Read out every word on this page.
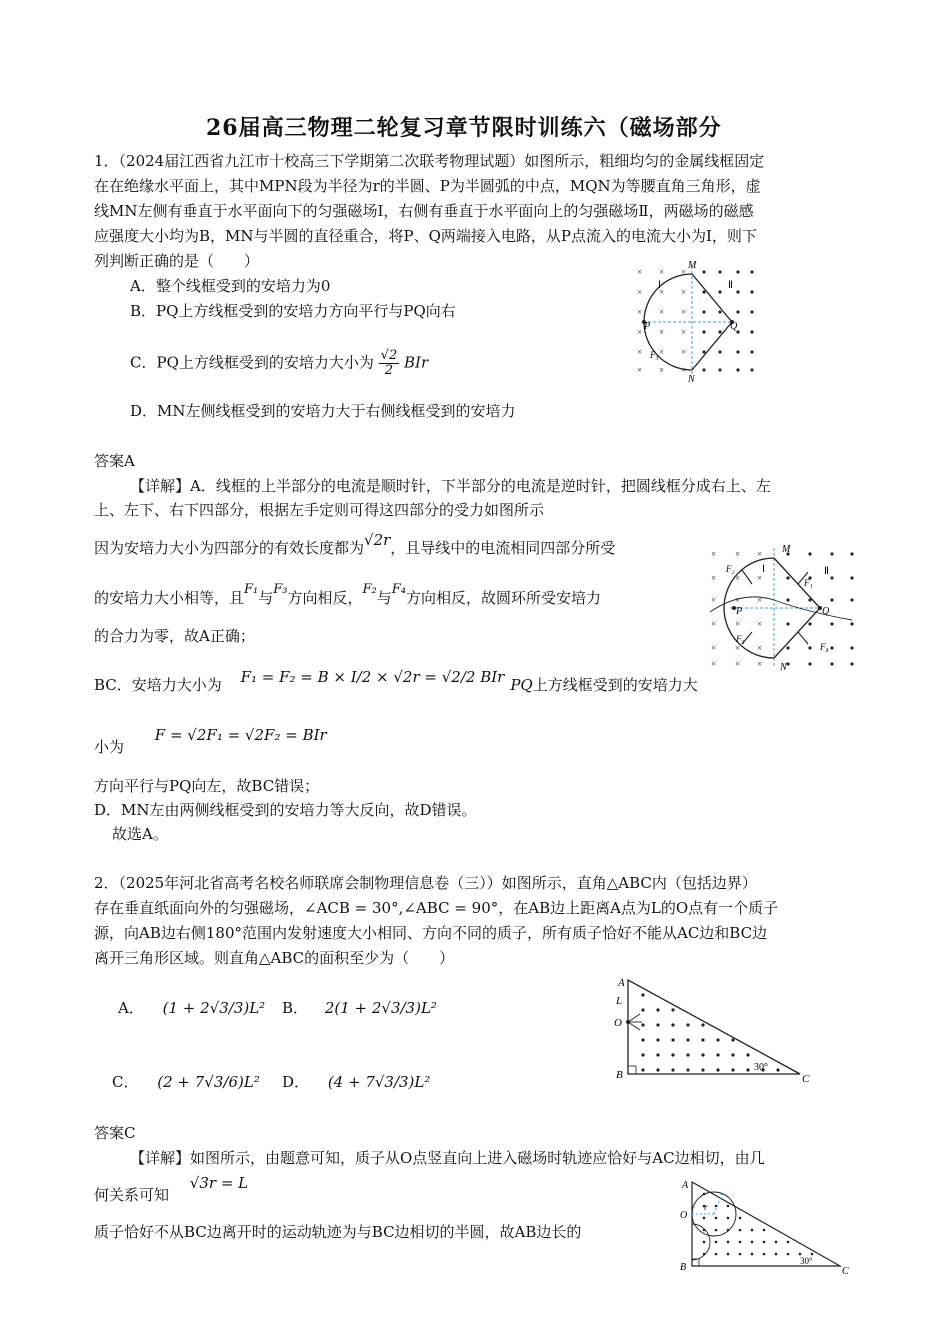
26届高三物理二轮复习章节限时训练六（磁场部分
1．（2024届江西省九江市十校高三下学期第二次联考物理试题）如图所示，粗细均匀的金属线框固定
在在绝缘水平面上，其中MPN段为半径为r的半圆、P为半圆弧的中点，MQN为等腰直角三角形，虚
线MN左侧有垂直于水平面向下的匀强磁场Ⅰ，右侧有垂直于水平面向上的匀强磁场Ⅱ，两磁场的磁感
应强度大小均为B，MN与半圆的直径重合，将P、Q两端接入电路，从P点流入的电流大小为I，则下
列判断正确的是（　　）
A．整个线框受到的安培力为0
B．PQ上方线框受到的安培力方向平行与PQ向右
C．PQ上方线框受到的安培力大小为 $\frac{√2}{2}$ BIr
D．MN左侧线框受到的安培力大于右侧线框受到的安培力
×
×
×
×
×
×
×
×
×
×
×
×
×
×
×
×
×
×
M
N
P	Q
Ⅰ	Ⅱ
F₃
答案A
【详解】A．线框的上半部分的电流是顺时针，下半部分的电流是逆时针，把圆线框分成右上、左
上、左下、右下四部分，根据左手定则可得这四部分的受力如图所示
因为安培力大小为四部分的有效长度都为√2r，且导线中的电流相同四部分所受
的安培力大小相等，且F₁与F₃方向相反，F₂与F₄方向相反，故圆环所受安培力
的合力为零，故A正确；
BC．安培力大小为 F₁ = F₂ = B × I/2 × √2r = √2/2 BIr PQ上方线框受到的安培力大
小为 F = √2F₁ = √2F₂ = BIr
方向平行与PQ向左，故BC错误；
D．MN左由两侧线框受到的安培力等大反向，故D错误。
故选A。
×
×
×
×
×
×
×
×
×
×
×
×
×
×
×
×
×
×
M
N
P	Q
Ⅰ	Ⅱ
F₁
F₂
F₃
F₄
2．（2025年河北省高考名校名师联席会制物理信息卷（三））如图所示，直角△ABC内（包括边界）
存在垂直纸面向外的匀强磁场，∠ACB = 30°,∠ABC = 90°，在AB边上距离A点为L的O点有一个质子
源，向AB边右侧180°范围内发射速度大小相同、方向不同的质子，所有质子恰好不能从AC边和BC边
离开三角形区域。则直角△ABC的面积至少为（　　）
A． (1 + 2√3/3)L² B． 2(1 + 2√3/3)L²
C． (2 + 7√3/6)L² D． (4 + 7√3/3)L²
A
L
O
B	C
30°
答案C
【详解】如图所示，由题意可知，质子从O点竖直向上进入磁场时轨迹应恰好与AC边相切，由几
何关系可知 √3r = L
质子恰好不从BC边离开时的运动轨迹为与BC边相切的半圆，故AB边长的
A
O
B	C
30°
r
